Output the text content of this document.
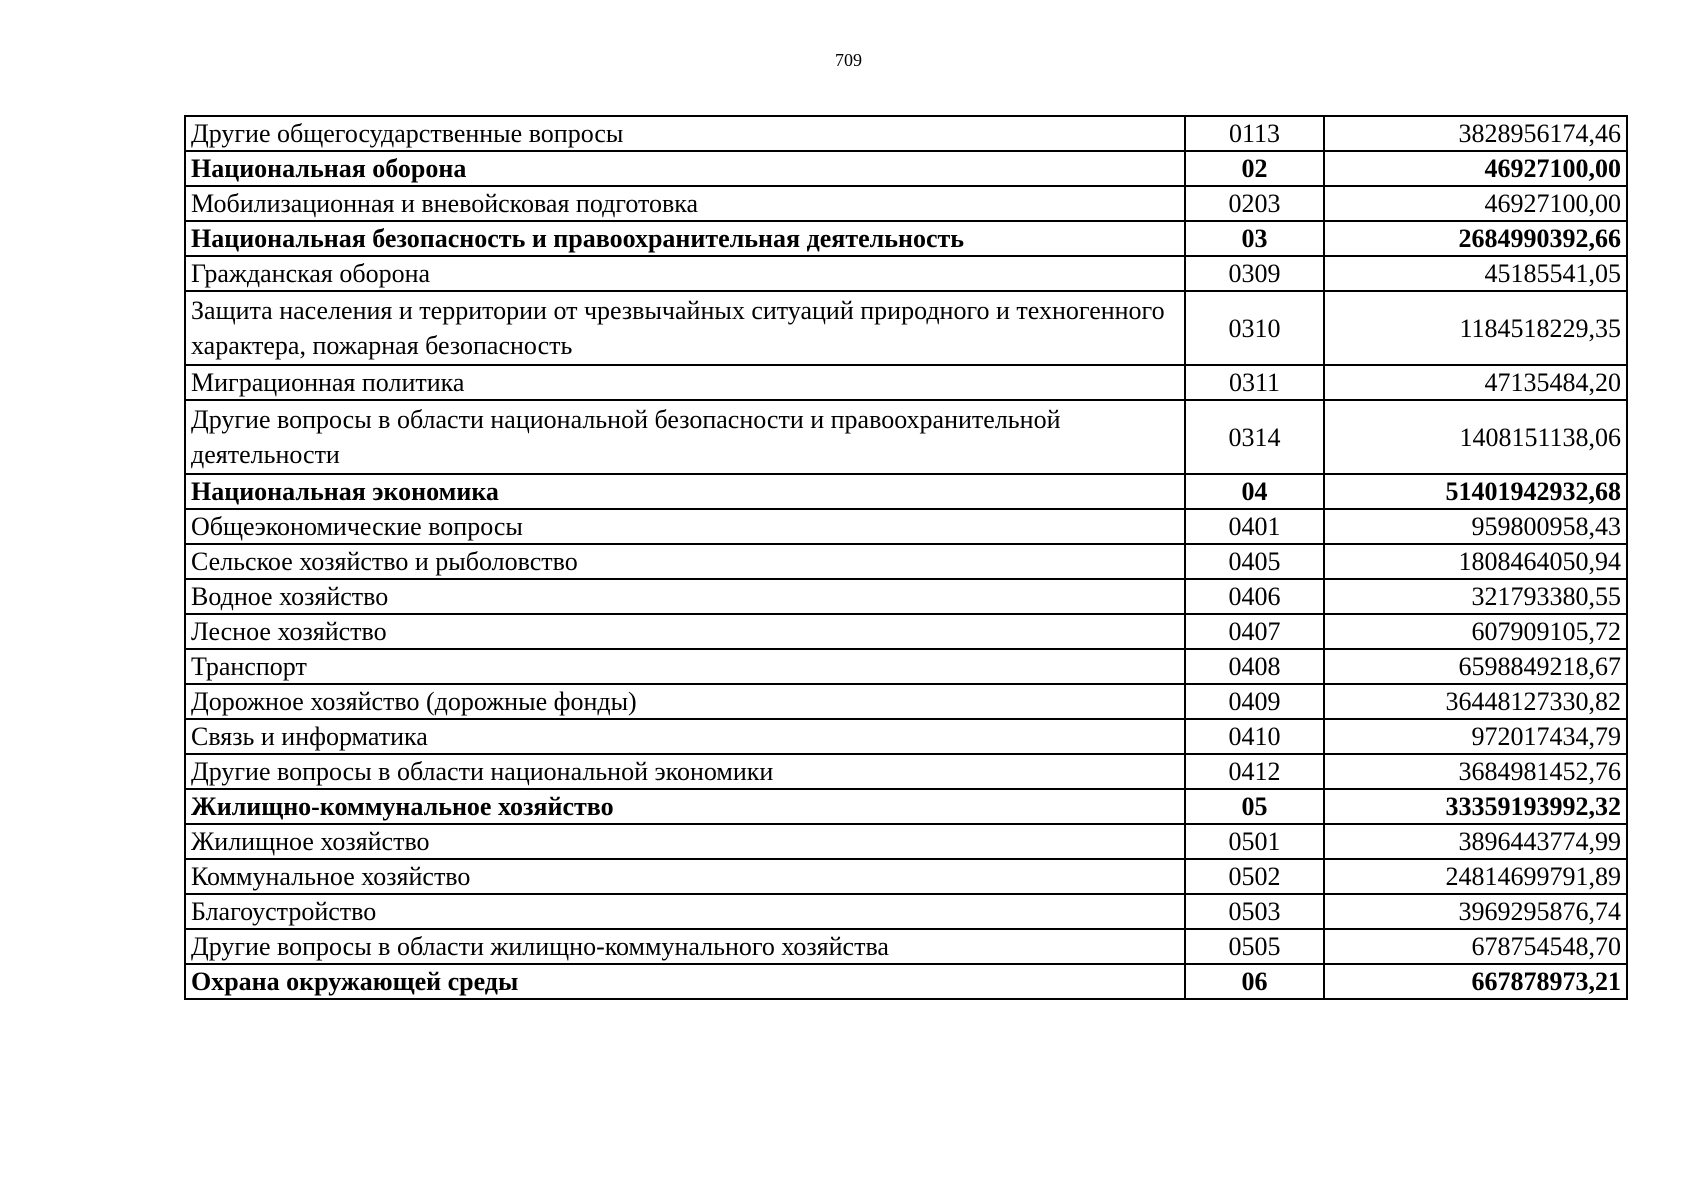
709
Другие общегосударственные вопросы	0113	3828956174,46
Национальная оборона	02	46927100,00
Мобилизационная и вневойсковая подготовка	0203	46927100,00
Национальная безопасность и правоохранительная деятельность	03	2684990392,66
Гражданская оборона	0309	45185541,05
Защита населения и территории от чрезвычайных ситуаций природного и техногенного характера, пожарная безопасность	0310	1184518229,35
Миграционная политика	0311	47135484,20
Другие вопросы в области национальной безопасности и правоохранительной деятельности	0314	1408151138,06
Национальная экономика	04	51401942932,68
Общеэкономические вопросы	0401	959800958,43
Сельское хозяйство и рыболовство	0405	1808464050,94
Водное хозяйство	0406	321793380,55
Лесное хозяйство	0407	607909105,72
Транспорт	0408	6598849218,67
Дорожное хозяйство (дорожные фонды)	0409	36448127330,82
Связь и информатика	0410	972017434,79
Другие вопросы в области национальной экономики	0412	3684981452,76
Жилищно-коммунальное хозяйство	05	33359193992,32
Жилищное хозяйство	0501	3896443774,99
Коммунальное хозяйство	0502	24814699791,89
Благоустройство	0503	3969295876,74
Другие вопросы в области жилищно-коммунального хозяйства	0505	678754548,70
Охрана окружающей среды	06	667878973,21
